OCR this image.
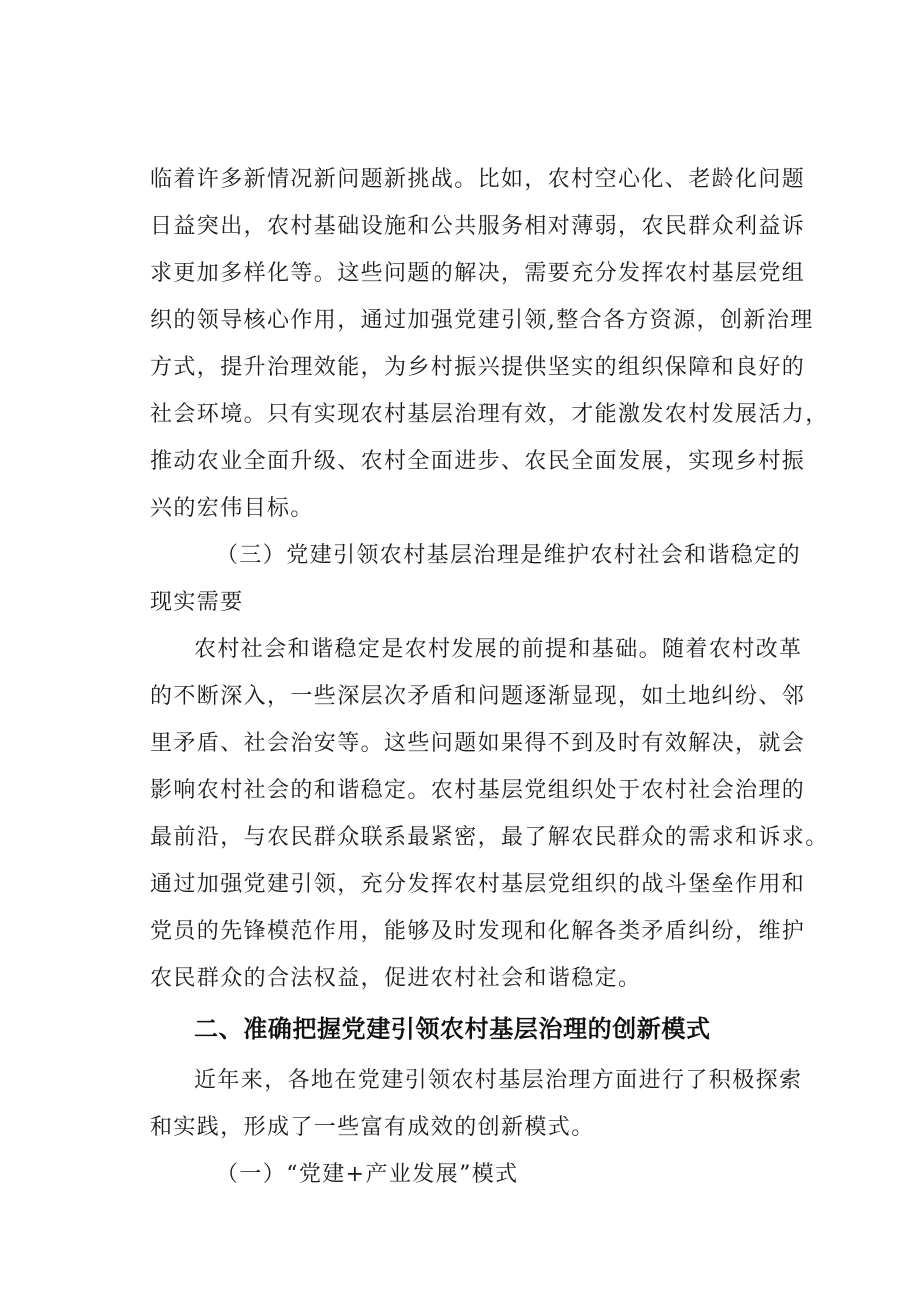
临着许多新情况新问题新挑战。比如，农村空心化、老龄化问题
日益突出，农村基础设施和公共服务相对薄弱，农民群众利益诉
求更加多样化等。这些问题的解决，需要充分发挥农村基层党组
织的领导核心作用，通过加强党建引领,整合各方资源，创新治理
方式，提升治理效能，为乡村振兴提供坚实的组织保障和良好的
社会环境。只有实现农村基层治理有效，才能激发农村发展活力，
推动农业全面升级、农村全面进步、农民全面发展，实现乡村振
兴的宏伟目标。
（三）党建引领农村基层治理是维护农村社会和谐稳定的
现实需要
农村社会和谐稳定是农村发展的前提和基础。随着农村改革
的不断深入，一些深层次矛盾和问题逐渐显现，如土地纠纷、邻
里矛盾、社会治安等。这些问题如果得不到及时有效解决，就会
影响农村社会的和谐稳定。农村基层党组织处于农村社会治理的
最前沿，与农民群众联系最紧密，最了解农民群众的需求和诉求。
通过加强党建引领，充分发挥农村基层党组织的战斗堡垒作用和
党员的先锋模范作用，能够及时发现和化解各类矛盾纠纷，维护
农民群众的合法权益，促进农村社会和谐稳定。
二、准确把握党建引领农村基层治理的创新模式
近年来，各地在党建引领农村基层治理方面进行了积极探索
和实践，形成了一些富有成效的创新模式。
（一）“党建+产业发展”模式
